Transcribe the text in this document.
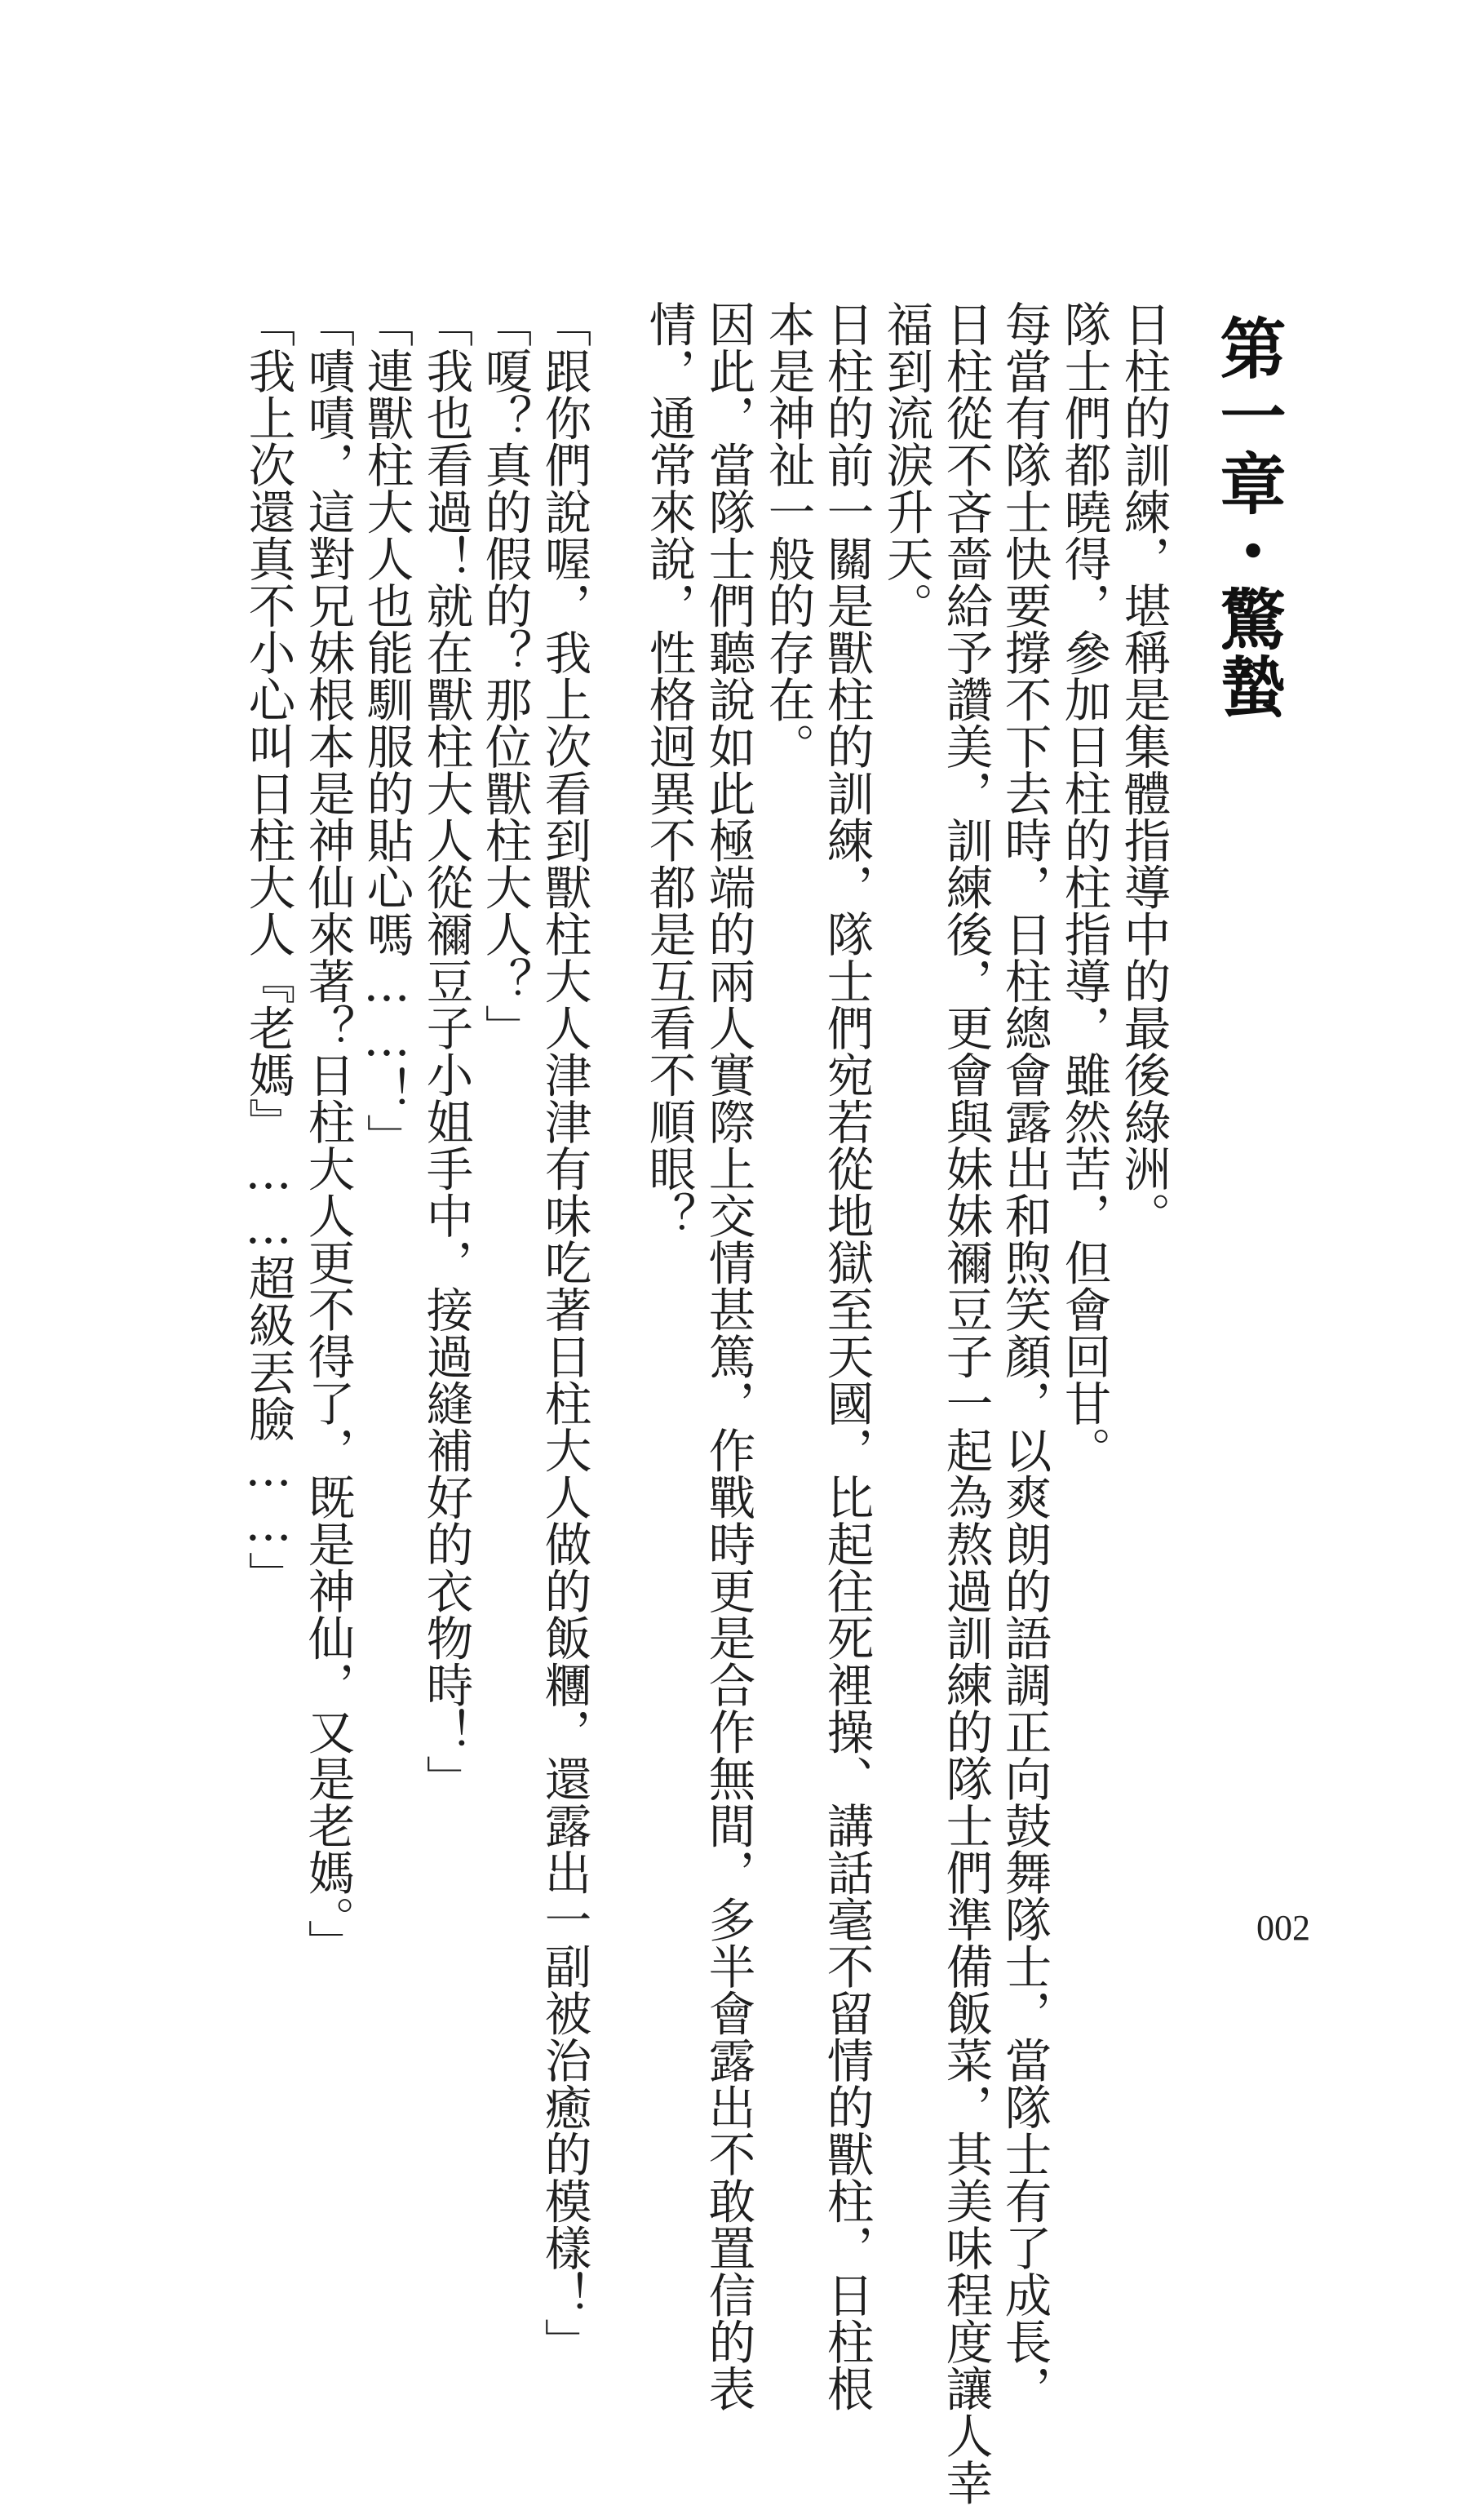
第一章・驚蟄

日柱的訓練，堪稱是集體指導中的最後綠洲。

隊士們都曉得，參加日柱的柱指導，雖然苦，但會回甘。

每當有隊士快要撐不下去時，日柱總會露出和煦笑顏，以爽朗的語調正向鼓舞隊士，當隊士有了成長，

日柱從不吝嗇給予讚美，訓練後，更會與妹妹禰豆子一起為熬過訓練的隊士們準備飯菜，其美味程度讓人幸

福到流淚升天。

日柱的前一關是獸柱的訓練，隊士們宛若從地獄至天國，比起往死裡操、講話毫不留情的獸柱，日柱根

本是神祉一般的存在。

因此，當隊士們聽說如此極端的兩人實際上交情甚篤，作戰時更是合作無間，多半會露出不敢置信的表

情，通常來說，性格迥異不都是互看不順眼？

「跟你們說喔，我上次看到獸柱大人津津有味吃著日柱大人做的飯糰，還露出一副被治癒的模樣！」

「嗄？真的假的？那位獸柱大人？」

「我也看過！就在獸柱大人從禰豆子小姐手中，接過縫補好的衣物時！」

「連獸柱大人也能馴服的貼心嗎……！」

「嘖嘖，這對兄妹根本是神仙來著？日柱大人更不得了，既是神仙，又是老媽。」

「我上次還真不小心叫日柱大人『老媽』……超級丟臉……」

002
